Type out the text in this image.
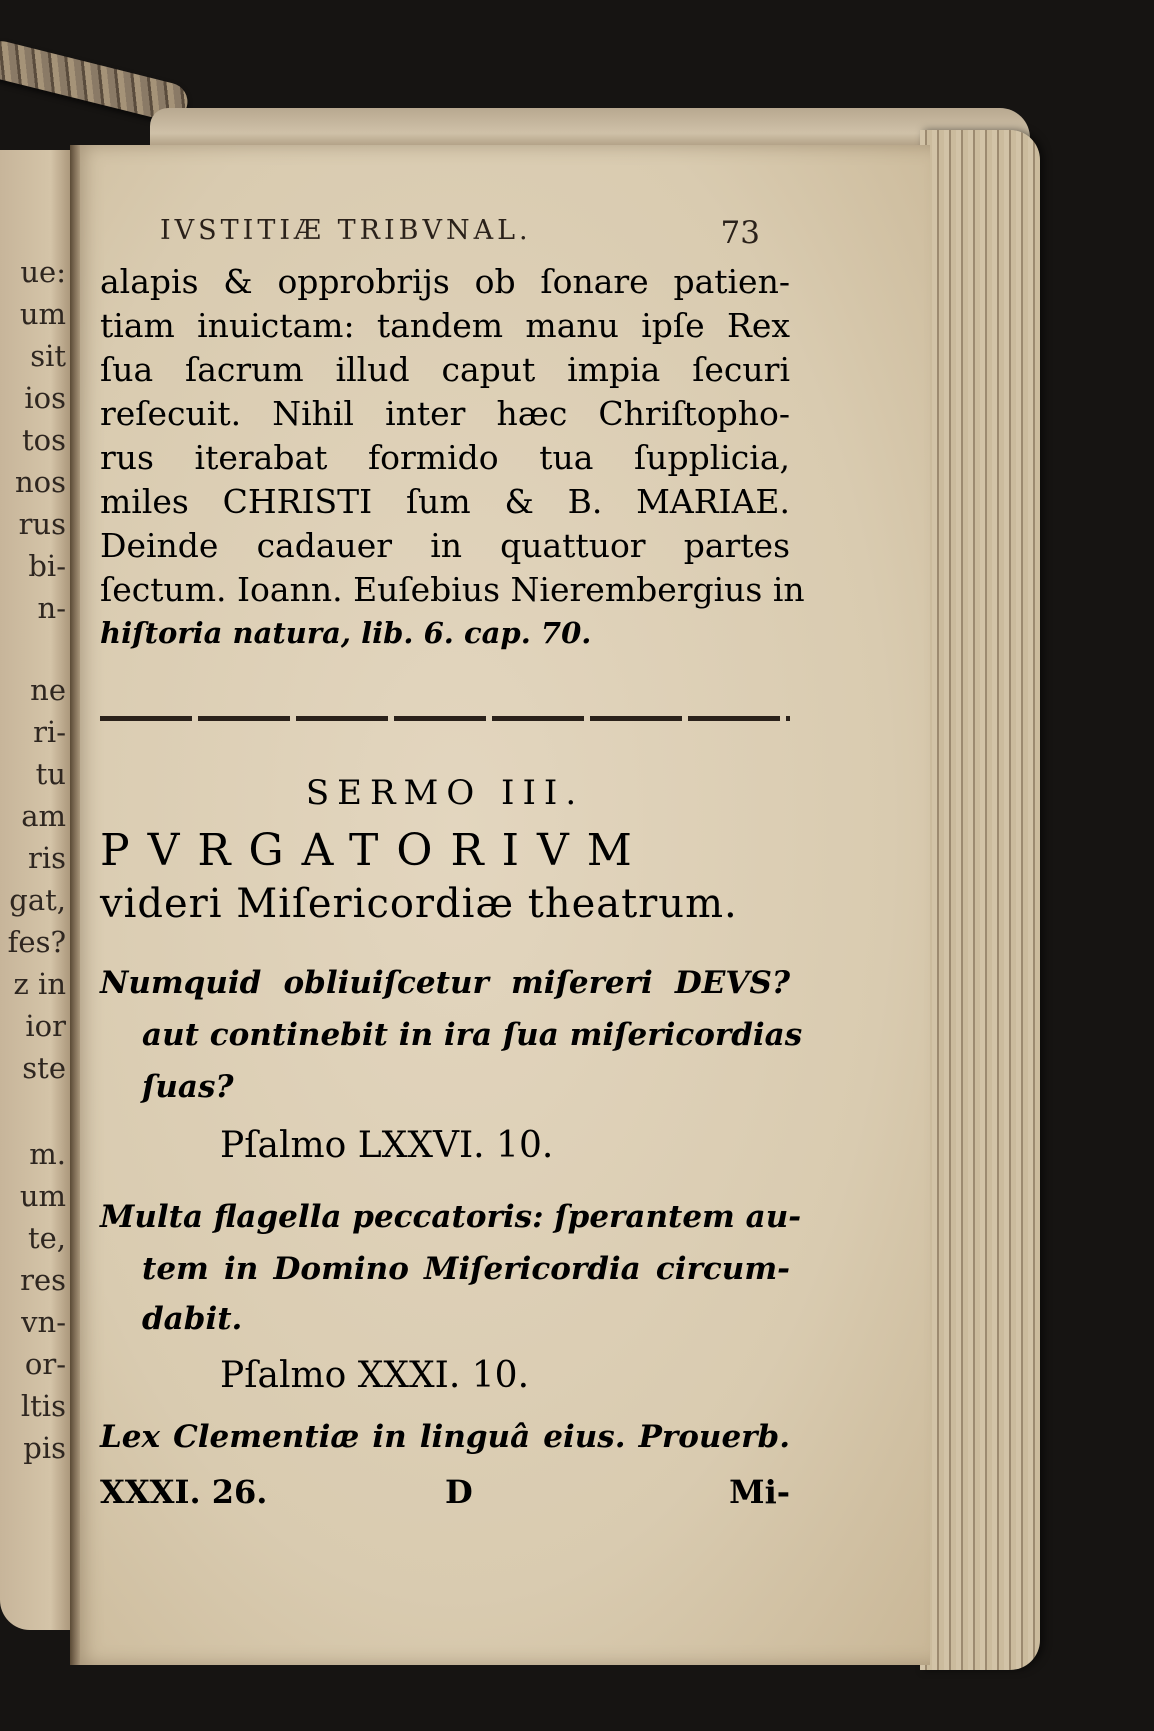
ue:
um
sit
ios
tos
nos
rus
bi-
n-
ne
ri-
tu
am
ris
gat,
fes?
z in
ior
ste
m.
um
te,
res
vn-
or-
ltis
pis
IVSTITIÆ TRIBVNAL.	73
alapis & opprobrijs ob ſonare patien-
tiam inuictam: tandem manu ipſe Rex
ſua ſacrum illud caput impia ſecuri
reſecuit. Nihil inter hæc Chriſtopho-
rus iterabat formido tua ſupplicia,
miles CHRISTI ſum & B. MARIAE.
Deinde cadauer in quattuor partes
ſectum. Ioann. Euſebius Nierembergius in
hiſtoria natura, lib. 6. cap. 70.
SERMO III.
PVRGATORIVM
videri Miſericordiæ theatrum.
Numquid obliuiſcetur miſereri DEVS?
aut continebit in ira ſua miſericordias
ſuas?
Pſalmo LXXVI. 10.
Multa flagella peccatoris: ſperantem au-
tem in Domino Miſericordia circum-
dabit.
Pſalmo XXXI. 10.
Lex Clementiæ in linguâ eius. Prouerb.
XXXI. 26.	D	Mi-
